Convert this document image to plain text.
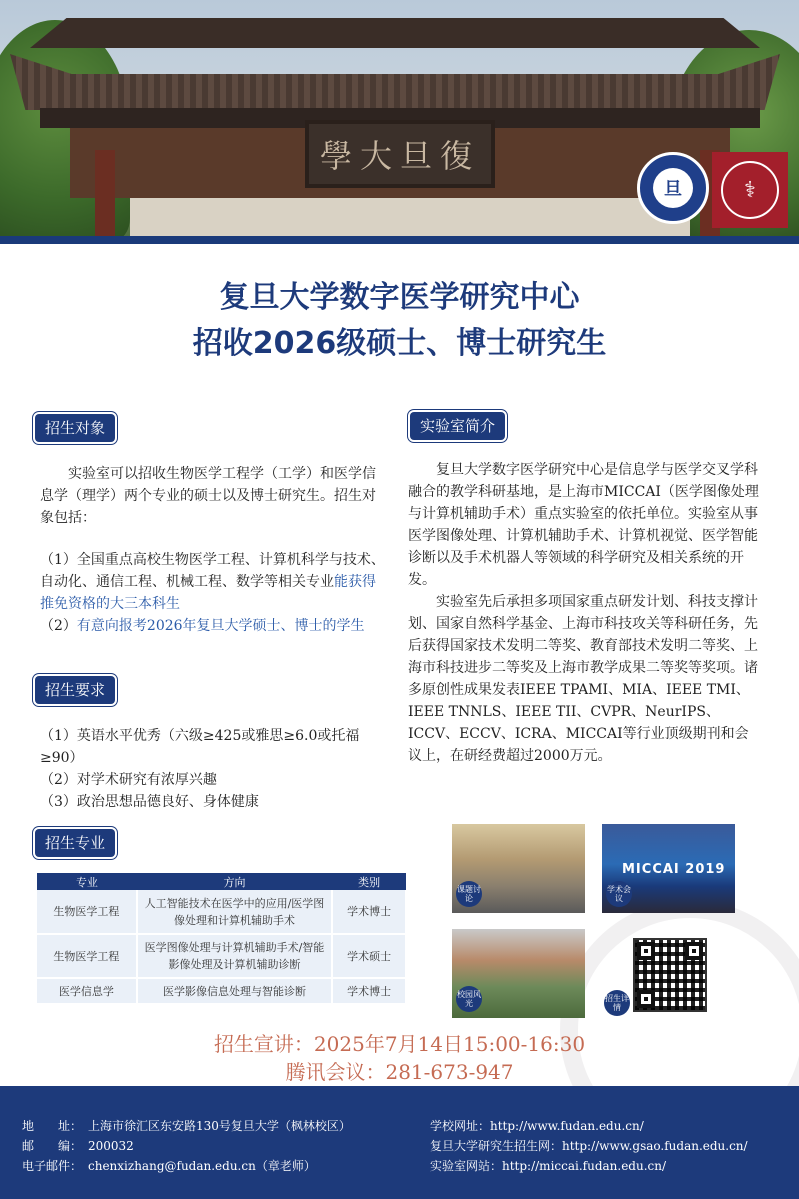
學大旦復
旦	⚕
复旦大学数字医学研究中心
招收2026级硕士、博士研究生
招生对象

实验室可以招收生物医学工程学（工学）和医学信息学（理学）两个专业的硕士以及博士研究生。招生对象包括：

（1）全国重点高校生物医学工程、计算机科学与技术、自动化、通信工程、机械工程、数学等相关专业能获得推免资格的大三本科生

（2）有意向报考2026年复旦大学硕士、博士的学生

招生要求

（1）英语水平优秀（六级≥425或雅思≥6.0或托福≥90）

（2）对学术研究有浓厚兴趣

（3）政治思想品德良好、身体健康

招生专业
专业	方向	类别
生物医学工程	人工智能技术在医学中的应用/医学图像处理和计算机辅助手术	学术博士
生物医学工程	医学图像处理与计算机辅助手术/智能影像处理及计算机辅助诊断	学术硕士
医学信息学	医学影像信息处理与智能诊断	学术博士
实验室简介

复旦大学数字医学研究中心是信息学与医学交叉学科融合的教学科研基地，是上海市MICCAI（医学图像处理与计算机辅助手术）重点实验室的依托单位。实验室从事医学图像处理、计算机辅助手术、计算机视觉、医学智能诊断以及手术机器人等领域的科学研究及相关系统的开发。

实验室先后承担多项国家重点研发计划、科技支撑计划、国家自然科学基金、上海市科技攻关等科研任务，先后获得国家技术发明二等奖、教育部技术发明二等奖、上海市科技进步二等奖及上海市教学成果二等奖等奖项。诸多原创性成果发表IEEE TPAMI、MIA、IEEE TMI、IEEE TNNLS、IEEE TII、CVPR、NeurIPS、ICCV、ECCV、ICRA、MICCAI等行业顶级期刊和会议上，在研经费超过2000万元。

课题讨论
MICCAI 2019
学术会议
校园风光
招生详情
招生宣讲：2025年7月14日15:00-16:30
腾讯会议：281-673-947
地　　址： 上海市徐汇区东安路130号复旦大学（枫林校区）
邮　　编： 200032
电子邮件： chenxizhang@fudan.edu.cn（章老师）
学校网址：http://www.fudan.edu.cn/
复旦大学研究生招生网：http://www.gsao.fudan.edu.cn/
实验室网站：http://miccai.fudan.edu.cn/
